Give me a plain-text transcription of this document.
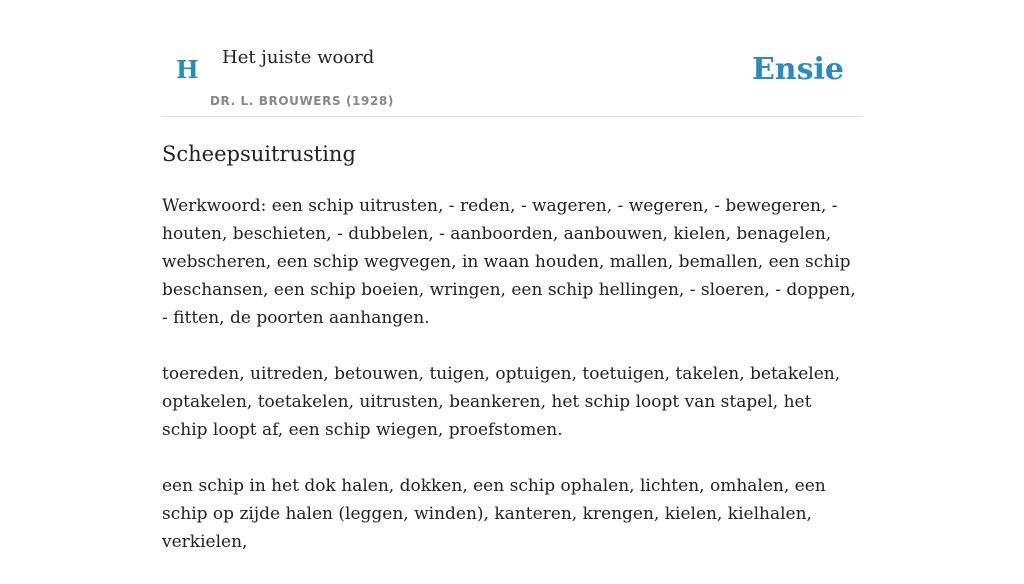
H Het juiste woord
DR. L. BROUWERS (1928)
Ensie
Scheepsuitrusting

Werkwoord: een schip uitrusten, - reden, - wageren, - wegeren, - bewegeren, - houten, beschieten, - dubbelen, - aanboorden, aanbouwen, kielen, benagelen, webscheren, een schip wegvegen, in waan houden, mallen, bemallen, een schip beschansen, een schip boeien, wringen, een schip hellingen, - sloeren, - doppen, - fitten, de poorten aanhangen.

toereden, uitreden, betouwen, tuigen, optuigen, toetuigen, takelen, betakelen, optakelen, toetakelen, uitrusten, beankeren, het schip loopt van stapel, het schip loopt af, een schip wiegen, proefstomen.

een schip in het dok halen, dokken, een schip ophalen, lichten, omhalen, een schip op zijde halen (leggen, winden), kanteren, krengen, kielen, kielhalen, verkielen,
